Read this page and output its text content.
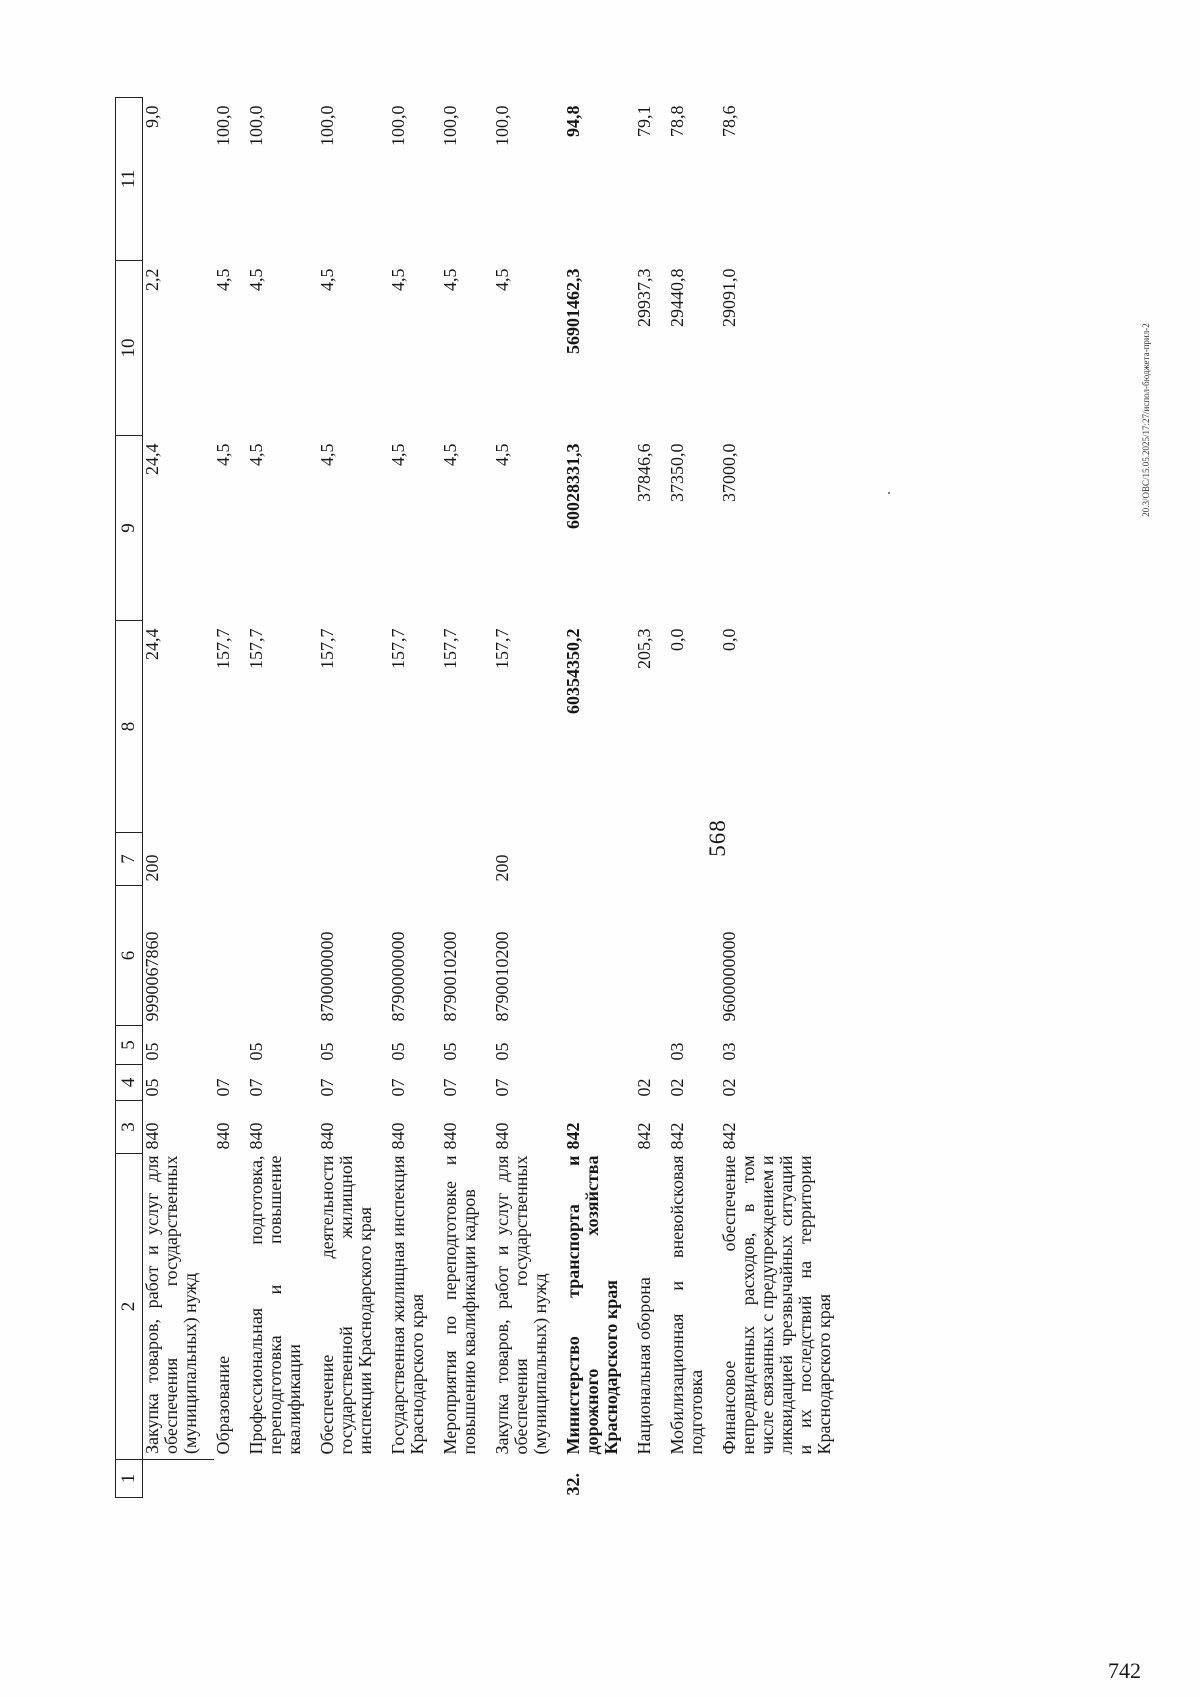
568
20.3/ОВС/15.05.2025/17:27/испол-бюджета-прил-2
742
1	2	3	4	5	6	7	8	9	10	11
	Закупка товаров, работ и услуг для обеспечения государственных (муниципальных) нужд	840	05	05	9990067860	200	24,4	24,4	2,2	9,0
	Образование	840	07				157,7	4,5	4,5	100,0
	Профессиональная подготовка, переподготовка и повышение квалификации	840	07	05			157,7	4,5	4,5	100,0
	Обеспечение деятельности государственной жилищной инспекции Краснодарского края	840	07	05	8700000000		157,7	4,5	4,5	100,0
	Государственная жилищная инспекция Краснодарского края	840	07	05	8790000000		157,7	4,5	4,5	100,0
	Мероприятия по переподготовке и повышению квалификации кадров	840	07	05	8790010200		157,7	4,5	4,5	100,0
	Закупка товаров, работ и услуг для обеспечения государственных (муниципальных) нужд	840	07	05	8790010200	200	157,7	4,5	4,5	100,0
32.	Министерство транспорта и дорожного хозяйства Краснодарского края	842					60354350,2	60028331,3	56901462,3	94,8
	Национальная оборона	842	02				205,3	37846,6	29937,3	79,1
	Мобилизационная и вневойсковая подготовка	842	02	03			0,0	37350,0	29440,8	78,8
	Финансовое обеспечение непредвиденных расходов, в том числе связанных с предупреждением и ликвидацией чрезвычайных ситуаций и их последствий на территории Краснодарского края	842	02	03	9600000000		0,0	37000,0	29091,0	78,6
